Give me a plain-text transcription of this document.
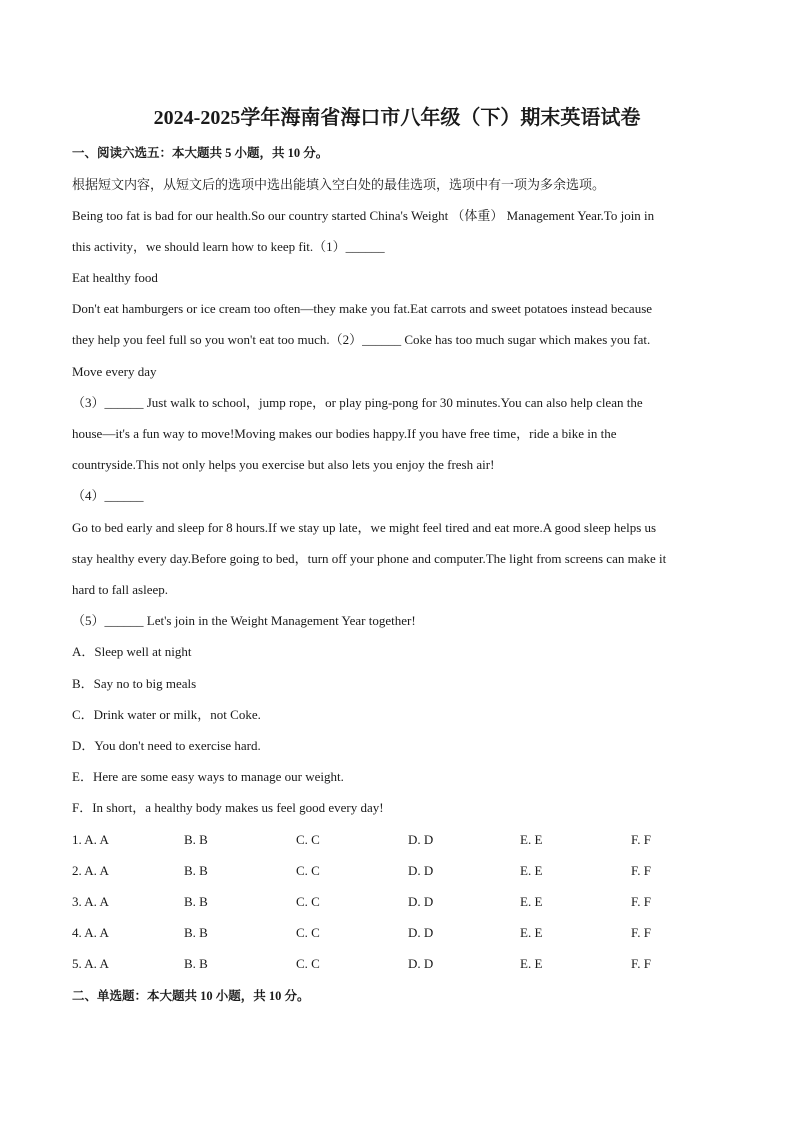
2024-2025学年海南省海口市八年级（下）期末英语试卷
一、阅读六选五：本大题共 5 小题，共 10 分。
根据短文内容，从短文后的选项中选出能填入空白处的最佳选项，选项中有一项为多余选项。
Being too fat is bad for our health.So our country started China's Weight （体重） Management Year.To join in
this activity，we should learn how to keep fit.（1）______
Eat healthy food
Don't eat hamburgers or ice cream too often—they make you fat.Eat carrots and sweet potatoes instead because
they help you feel full so you won't eat too much.（2）______ Coke has too much sugar which makes you fat.
Move every day
（3）______ Just walk to school，jump rope，or play ping-pong for 30 minutes.You can also help clean the
house—it's a fun way to move!Moving makes our bodies happy.If you have free time，ride a bike in the
countryside.This not only helps you exercise but also lets you enjoy the fresh air!
（4）______
Go to bed early and sleep for 8 hours.If we stay up late，we might feel tired and eat more.A good sleep helps us
stay healthy every day.Before going to bed，turn off your phone and computer.The light from screens can make it
hard to fall asleep.
（5）______ Let's join in the Weight Management Year together!
A．Sleep well at night
B．Say no to big meals
C．Drink water or milk，not Coke.
D．You don't need to exercise hard.
E．Here are some easy ways to manage our weight.
F．In short，a healthy body makes us feel good every day!
1. A. A	B. B	C. C	D. D	E. E	F. F
2. A. A	B. B	C. C	D. D	E. E	F. F
3. A. A	B. B	C. C	D. D	E. E	F. F
4. A. A	B. B	C. C	D. D	E. E	F. F
5. A. A	B. B	C. C	D. D	E. E	F. F
二、单选题：本大题共 10 小题，共 10 分。
